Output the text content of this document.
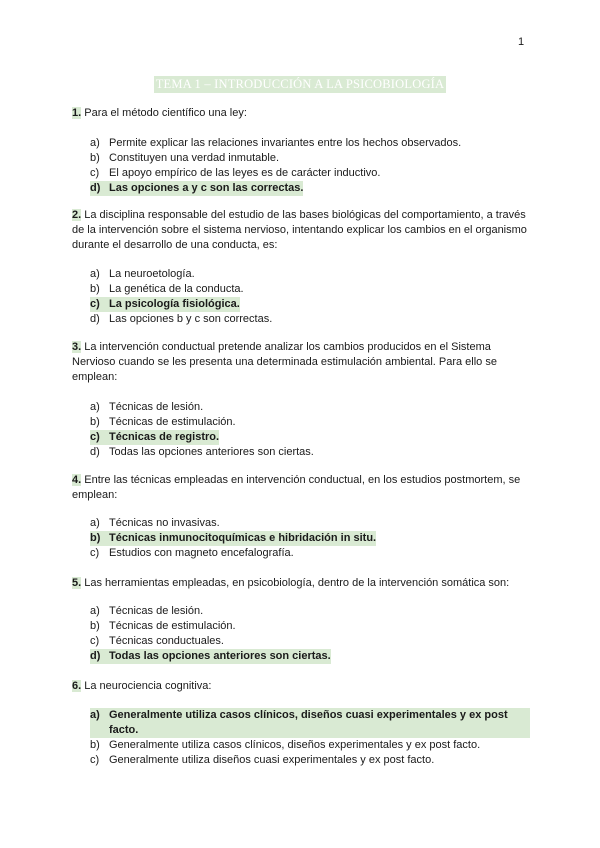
1
TEMA 1 – INTRODUCCIÓN A LA PSICOBIOLOGÍA
1. Para el método científico una ley:
a) Permite explicar las relaciones invariantes entre los hechos observados.
b) Constituyen una verdad inmutable.
c) El apoyo empírico de las leyes es de carácter inductivo.
d) Las opciones a y c son las correctas.
2. La disciplina responsable del estudio de las bases biológicas del comportamiento, a través de la intervención sobre el sistema nervioso, intentando explicar los cambios en el organismo durante el desarrollo de una conducta, es:
a) La neuroetología.
b) La genética de la conducta.
c) La psicología fisiológica.
d) Las opciones b y c son correctas.
3. La intervención conductual pretende analizar los cambios producidos en el Sistema Nervioso cuando se les presenta una determinada estimulación ambiental. Para ello se emplean:
a) Técnicas de lesión.
b) Técnicas de estimulación.
c) Técnicas de registro.
d) Todas las opciones anteriores son ciertas.
4. Entre las técnicas empleadas en intervención conductual, en los estudios postmortem, se emplean:
a) Técnicas no invasivas.
b) Técnicas inmunocitoquímicas e hibridación in situ.
c) Estudios con magneto encefalografía.
5. Las herramientas empleadas, en psicobiología, dentro de la intervención somática son:
a) Técnicas de lesión.
b) Técnicas de estimulación.
c) Técnicas conductuales.
d) Todas las opciones anteriores son ciertas.
6. La neurociencia cognitiva:
a) Generalmente utiliza casos clínicos, diseños cuasi experimentales y ex post facto.
b) Generalmente utiliza casos clínicos, diseños experimentales y ex post facto.
c) Generalmente utiliza diseños cuasi experimentales y ex post facto.
